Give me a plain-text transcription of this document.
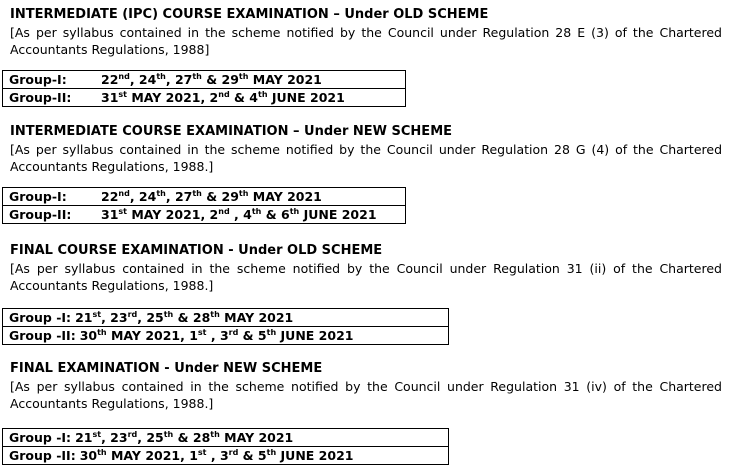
INTERMEDIATE (IPC) COURSE EXAMINATION – Under OLD SCHEME
[As per syllabus contained in the scheme notified by the Council under Regulation 28 E (3) of the Chartered Accountants Regulations, 1988]
Group-I:	22nd, 24th, 27th & 29th MAY 2021
Group-II:	31st MAY 2021, 2nd & 4th JUNE 2021
INTERMEDIATE COURSE EXAMINATION – Under NEW SCHEME
[As per syllabus contained in the scheme notified by the Council under Regulation 28 G (4) of the Chartered Accountants Regulations, 1988.]
Group-I:	22nd, 24th, 27th & 29th MAY 2021
Group-II:	31st MAY 2021, 2nd , 4th & 6th JUNE 2021
FINAL COURSE EXAMINATION - Under OLD SCHEME
[As per syllabus contained in the scheme notified by the Council under Regulation 31 (ii) of the Chartered Accountants Regulations, 1988.]
Group -I: 21st, 23rd, 25th & 28th MAY 2021
Group -II: 30th MAY 2021, 1st , 3rd & 5th JUNE 2021
FINAL EXAMINATION - Under NEW SCHEME
[As per syllabus contained in the scheme notified by the Council under Regulation 31 (iv) of the Chartered Accountants Regulations, 1988.]
Group -I: 21st, 23rd, 25th & 28th MAY 2021
Group -II: 30th MAY 2021, 1st , 3rd & 5th JUNE 2021
